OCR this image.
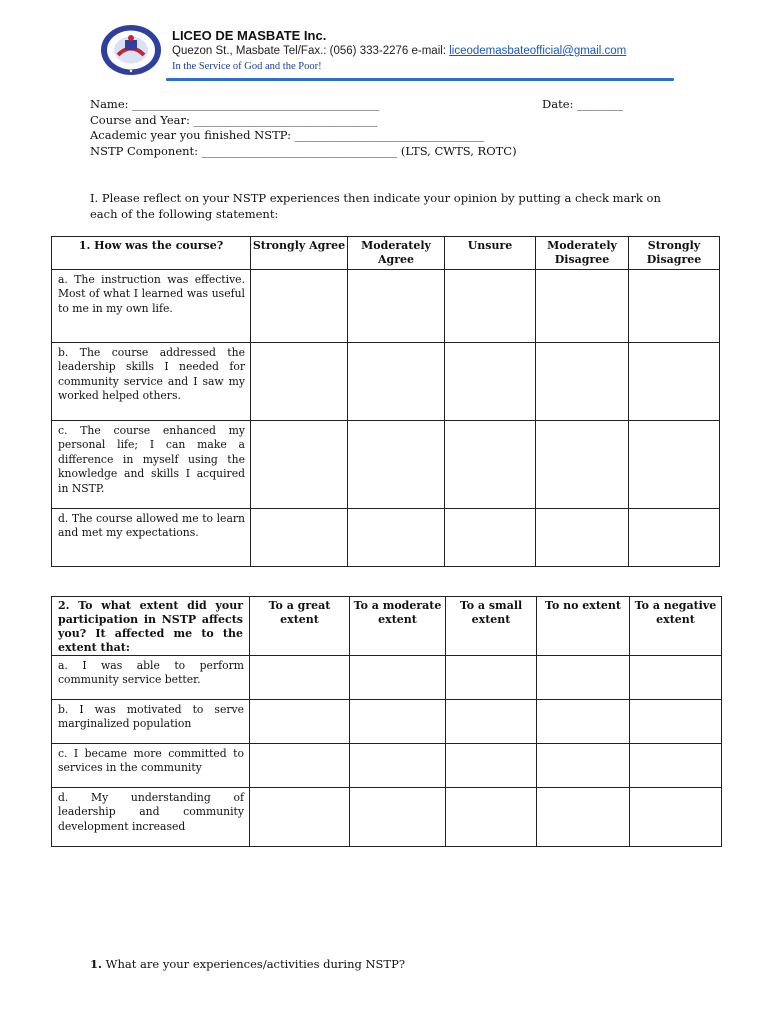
LICEO DE MASBATE Inc.
Quezon St., Masbate Tel/Fax.: (056) 333-2276 e-mail: liceodemasbateofficial@gmail.com
In the Service of God and the Poor!
Name: ___________________________________________
Course and Year: ________________________________
Academic year you finished NSTP: _________________________________
NSTP Component: __________________________________ (LTS, CWTS, ROTC)
Date: ________
I. Please reflect on your NSTP experiences then indicate your opinion by putting a check mark on each of the following statement:
1. How was the course?	Strongly Agree	Moderately Agree	Unsure	Moderately Disagree	Strongly Disagree
a. The instruction was effective. Most of what I learned was useful to me in my own life.					
b. The course addressed the leadership skills I needed for community service and I saw my worked helped others.					
c. The course enhanced my personal life; I can make a difference in myself using the knowledge and skills I acquired in NSTP.					
d. The course allowed me to learn and met my expectations.					
2. To what extent did your participation in NSTP affects you? It affected me to the extent that:	To a great extent	To a moderate extent	To a small extent	To no extent	To a negative extent
a. I was able to perform community service better.					
b. I was motivated to serve marginalized population					
c. I became more committed to services in the community					
d. My understanding of leadership and community development increased					
1. What are your experiences/activities during NSTP?
